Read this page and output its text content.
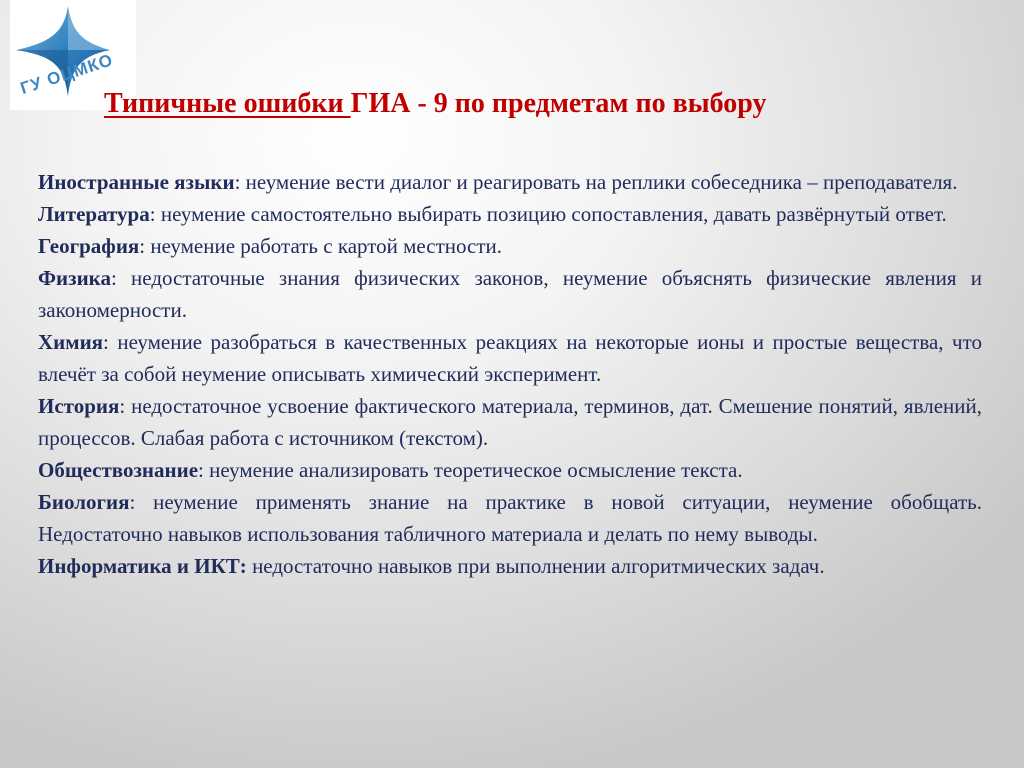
ГУ ОЦМКО
Типичные ошибки ГИА - 9 по предметам по выбору

Иностранные языки: неумение вести диалог и реагировать на реплики собеседника – преподавателя.

Литература: неумение самостоятельно выбирать позицию сопоставления, давать развёрнутый ответ.

География: неумение работать с картой местности.

Физика: недостаточные знания физических законов, неумение объяснять физические явления и закономерности.

Химия: неумение разобраться в качественных реакциях на некоторые ионы и простые вещества, что влечёт за собой неумение описывать химический эксперимент.

История: недостаточное усвоение фактического материала, терминов, дат. Смешение понятий, явлений, процессов. Слабая работа с источником (текстом).

Обществознание: неумение анализировать теоретическое осмысление текста.

Биология: неумение применять знание на практике в новой ситуации, неумение обобщать. Недостаточно навыков использования табличного материала и делать по нему выводы.

Информатика и ИКТ: недостаточно навыков при выполнении алгоритмических задач.
